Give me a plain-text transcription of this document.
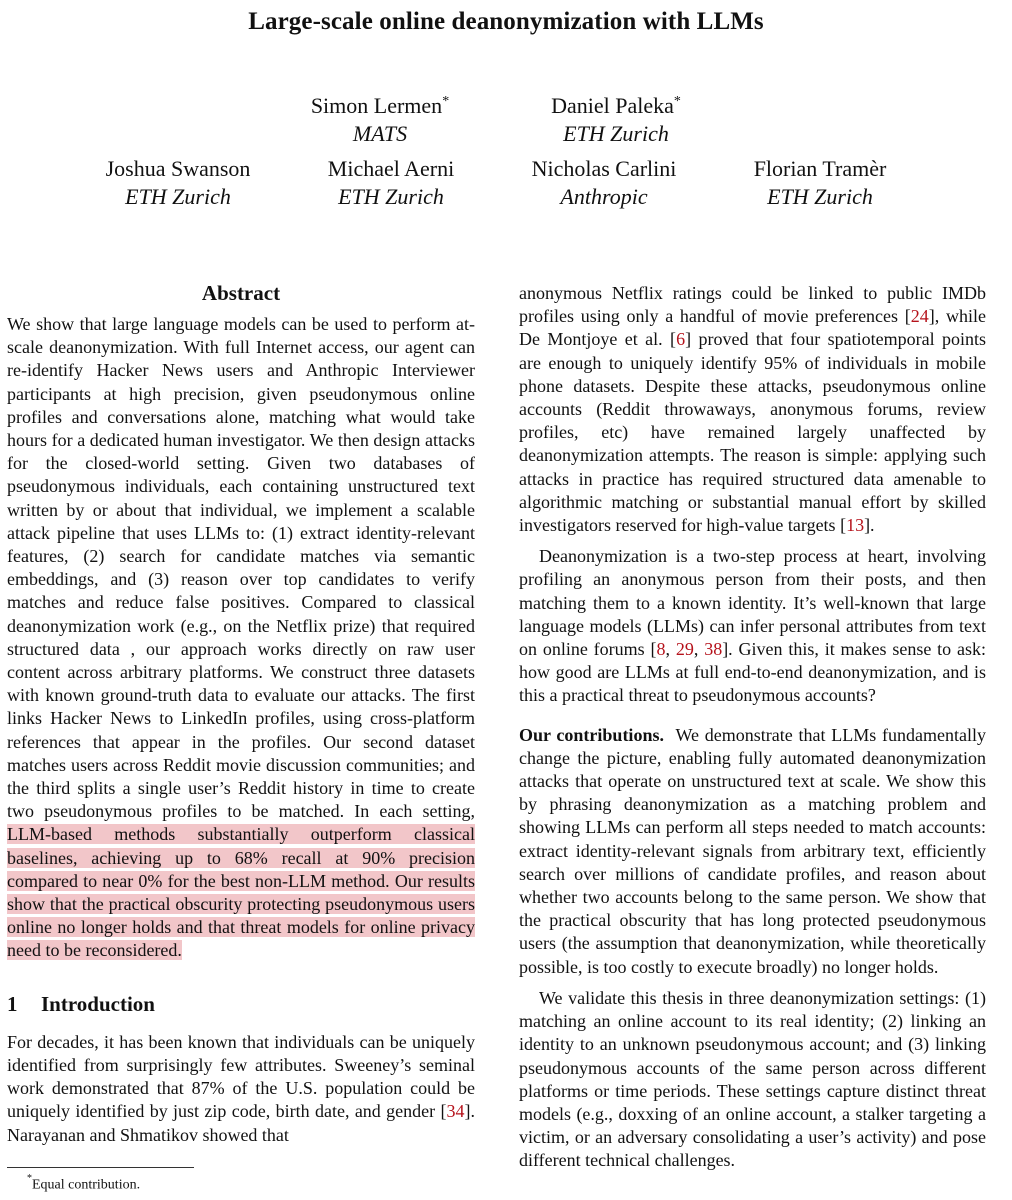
Large-scale online deanonymization with LLMs
Simon Lermen*
MATS
Daniel Paleka*
ETH Zurich
Joshua Swanson
ETH Zurich
Michael Aerni
ETH Zurich
Nicholas Carlini
Anthropic
Florian Tramèr
ETH Zurich
Abstract

We show that large language models can be used to perform at-scale deanonymization. With full Internet access, our agent can re-identify Hacker News users and Anthropic Interviewer participants at high precision, given pseudonymous online profiles and conversations alone, matching what would take hours for a dedicated human investigator. We then design attacks for the closed-world setting. Given two databases of pseudonymous individuals, each containing unstructured text written by or about that individual, we implement a scalable attack pipeline that uses LLMs to: (1) extract identity-relevant features, (2) search for candidate matches via semantic embeddings, and (3) reason over top candidates to verify matches and reduce false positives. Compared to classical deanonymization work (e.g., on the Netflix prize) that required structured data , our approach works directly on raw user content across arbitrary platforms. We construct three datasets with known ground-truth data to evaluate our attacks. The first links Hacker News to LinkedIn profiles, using cross-platform references that appear in the profiles. Our second dataset matches users across Reddit movie discussion communities; and the third splits a single user’s Reddit history in time to create two pseudonymous profiles to be matched. In each setting, LLM-based methods substantially outperform classical baselines, achieving up to 68% recall at 90% precision compared to near 0% for the best non-LLM method. Our results show that the practical obscurity protecting pseudonymous users online no longer holds and that threat models for online privacy need to be reconsidered.

1 Introduction

For decades, it has been known that individuals can be uniquely identified from surprisingly few attributes. Sweeney’s seminal work demonstrated that 87% of the U.S. population could be uniquely identified by just zip code, birth date, and gender [34]. Narayanan and Shmatikov showed that

anonymous Netflix ratings could be linked to public IMDb profiles using only a handful of movie preferences [24], while De Montjoye et al. [6] proved that four spatiotemporal points are enough to uniquely identify 95% of individuals in mobile phone datasets. Despite these attacks, pseudonymous online accounts (Reddit throwaways, anonymous forums, review profiles, etc) have remained largely unaffected by deanonymization attempts. The reason is simple: applying such attacks in practice has required structured data amenable to algorithmic matching or substantial manual effort by skilled investigators reserved for high-value targets [13].

Deanonymization is a two-step process at heart, involving profiling an anonymous person from their posts, and then matching them to a known identity. It’s well-known that large language models (LLMs) can infer personal attributes from text on online forums [8, 29, 38]. Given this, it makes sense to ask: how good are LLMs at full end-to-end deanonymization, and is this a practical threat to pseudonymous accounts?

Our contributions. We demonstrate that LLMs fundamentally change the picture, enabling fully automated deanonymization attacks that operate on unstructured text at scale. We show this by phrasing deanonymization as a matching problem and showing LLMs can perform all steps needed to match accounts: extract identity-relevant signals from arbitrary text, efficiently search over millions of candidate profiles, and reason about whether two accounts belong to the same person. We show that the practical obscurity that has long protected pseudonymous users (the assumption that deanonymization, while theoretically possible, is too costly to execute broadly) no longer holds.

We validate this thesis in three deanonymization settings: (1) matching an online account to its real identity; (2) linking an identity to an unknown pseudonymous account; and (3) linking pseudonymous accounts of the same person across different platforms or time periods. These settings capture distinct threat models (e.g., doxxing of an online account, a stalker targeting a victim, or an adversary consolidating a user’s activity) and pose different technical challenges.

*Equal contribution.
